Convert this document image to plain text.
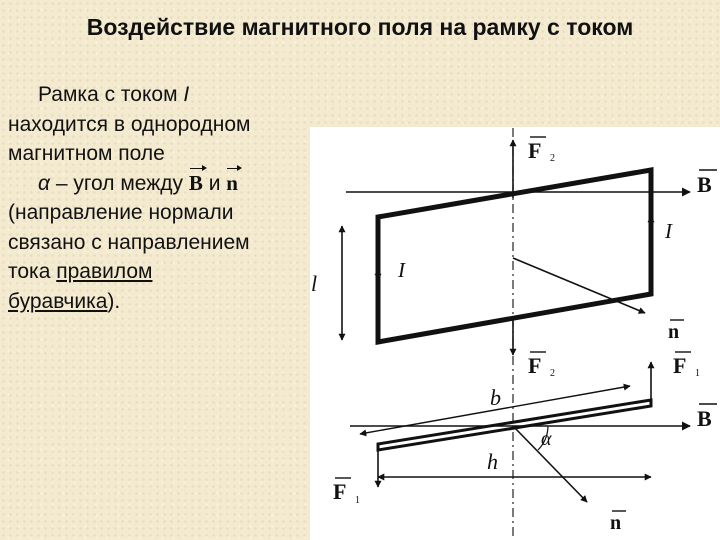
Воздействие магнитного поля на рамку с током
Рамка с током I
находится в однородном
магнитном поле
α – угол между B и n
(направление нормали
связано с направлением
тока правилом
буравчика).
F 2
B
I
I
l
n
F 2	F 1
b
B
α
h
F 1
n
